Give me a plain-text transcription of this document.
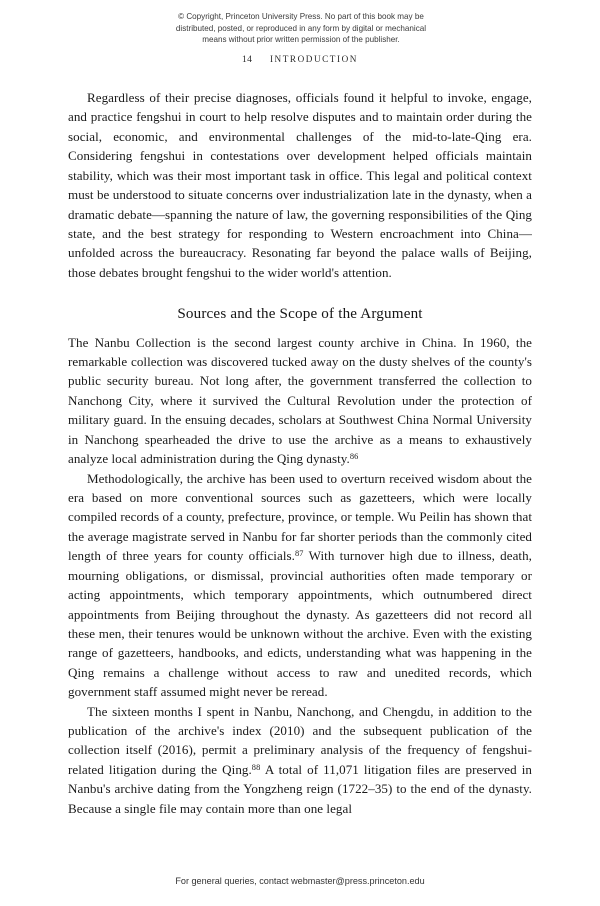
© Copyright, Princeton University Press. No part of this book may be
distributed, posted, or reproduced in any form by digital or mechanical
means without prior written permission of the publisher.
14 INTRODUCTION

Regardless of their precise diagnoses, officials found it helpful to invoke, engage, and practice fengshui in court to help resolve disputes and to maintain order during the social, economic, and environmental challenges of the mid-to-late-Qing era. Considering fengshui in contestations over development helped officials maintain stability, which was their most important task in office. This legal and political context must be understood to situate concerns over industrialization late in the dynasty, when a dramatic debate—spanning the nature of law, the governing responsibilities of the Qing state, and the best strategy for responding to Western encroachment into China—unfolded across the bureaucracy. Resonating far beyond the palace walls of Beijing, those debates brought fengshui to the wider world's attention.

Sources and the Scope of the Argument

The Nanbu Collection is the second largest county archive in China. In 1960, the remarkable collection was discovered tucked away on the dusty shelves of the county's public security bureau. Not long after, the government transferred the collection to Nanchong City, where it survived the Cultural Revolution under the protection of military guard. In the ensuing decades, scholars at Southwest China Normal University in Nanchong spearheaded the drive to use the archive as a means to exhaustively analyze local administration during the Qing dynasty.$^{86}$

Methodologically, the archive has been used to overturn received wisdom about the era based on more conventional sources such as gazetteers, which were locally compiled records of a county, prefecture, province, or temple. Wu Peilin has shown that the average magistrate served in Nanbu for far shorter periods than the commonly cited length of three years for county officials.$^{87}$ With turnover high due to illness, death, mourning obligations, or dismissal, provincial authorities often made temporary or acting appointments, which temporary appointments, which outnumbered direct appointments from Beijing throughout the dynasty. As gazetteers did not record all these men, their tenures would be unknown without the archive. Even with the existing range of gazetteers, handbooks, and edicts, understanding what was happening in the Qing remains a challenge without access to raw and unedited records, which government staff assumed might never be reread.

The sixteen months I spent in Nanbu, Nanchong, and Chengdu, in addition to the publication of the archive's index (2010) and the subsequent publication of the collection itself (2016), permit a preliminary analysis of the frequency of fengshui-related litigation during the Qing.$^{88}$ A total of 11,071 litigation files are preserved in Nanbu's archive dating from the Yongzheng reign (1722–35) to the end of the dynasty. Because a single file may contain more than one legal

For general queries, contact webmaster@press.princeton.edu
